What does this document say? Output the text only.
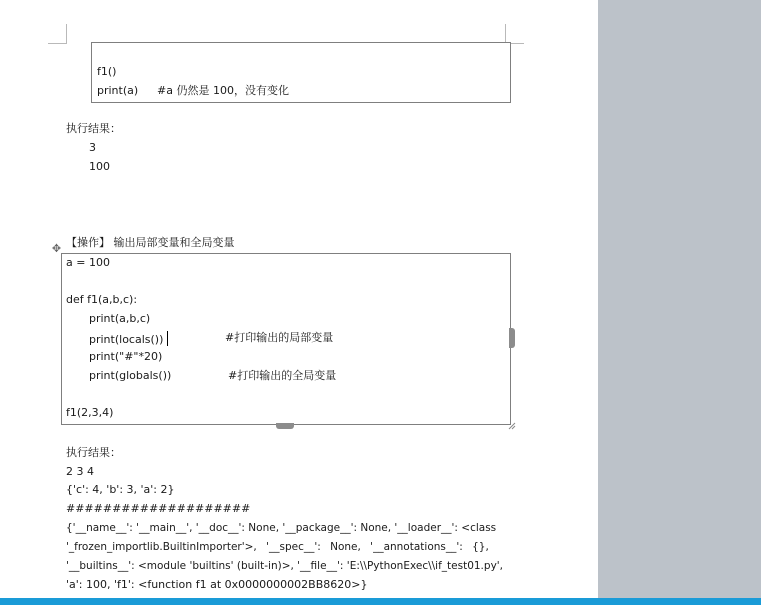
f1()
print(a) #a 仍然是 100，没有变化
执行结果：
3
100
✥ 【操作】 输出局部变量和全局变量
a = 100
def f1(a,b,c):
print(a,b,c)
print(locals())	#打印输出的局部变量
print("#"*20)
print(globals())	#打印输出的全局变量
f1(2,3,4)
执行结果：
2 3 4
{'c': 4, 'b': 3, 'a': 2}
####################
{'__name__': '__main__', '__doc__': None, '__package__': None, '__loader__': <class
'_frozen_importlib.BuiltinImporter'>, '__spec__': None, '__annotations__': {},
'__builtins__': <module 'builtins' (built-in)>, '__file__': 'E:\\PythonExec\\if_test01.py',
'a': 100, 'f1': <function f1 at 0x0000000002BB8620>}
